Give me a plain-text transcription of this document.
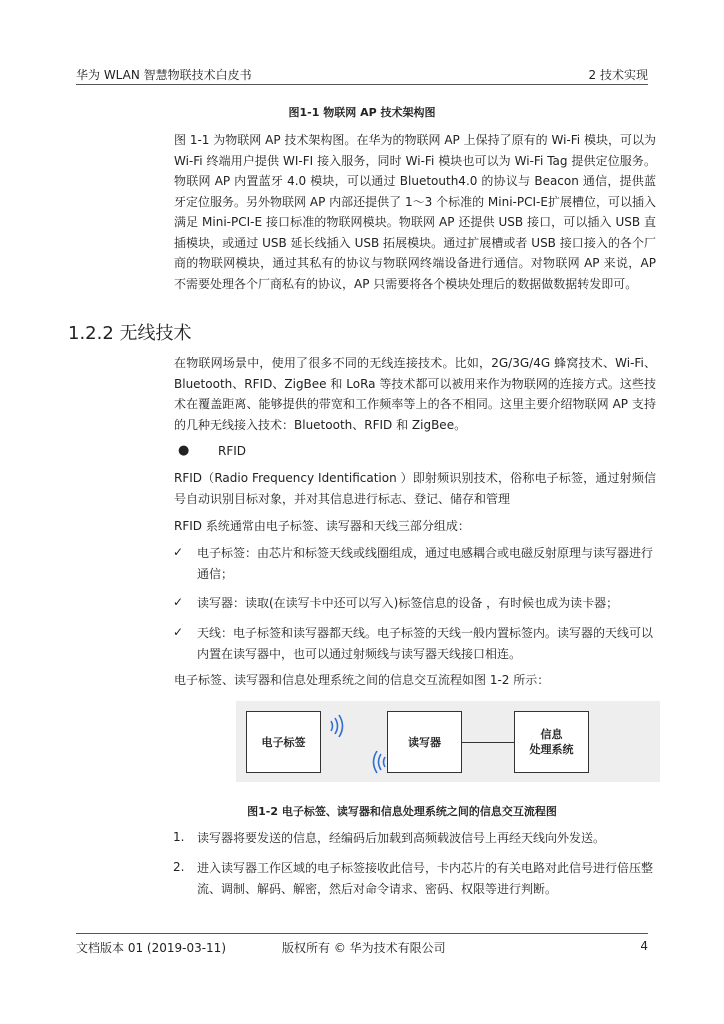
华为 WLAN 智慧物联技术白皮书	2 技术实现
图1-1 物联网 AP 技术架构图

图 1-1 为物联网 AP 技术架构图。在华为的物联网 AP 上保持了原有的 Wi-Fi 模块，可以为 Wi-Fi 终端用户提供 WI-FI 接入服务，同时 Wi-Fi 模块也可以为 Wi-Fi Tag 提供定位服务。物联网 AP 内置蓝牙 4.0 模块，可以通过 Bluetouth4.0 的协议与 Beacon 通信，提供蓝牙定位服务。另外物联网 AP 内部还提供了 1～3 个标准的 Mini-PCI-E扩展槽位，可以插入满足 Mini-PCI-E 接口标准的物联网模块。物联网 AP 还提供 USB 接口，可以插入 USB 直插模块，或通过 USB 延长线插入 USB 拓展模块。通过扩展槽或者 USB 接口接入的各个厂商的物联网模块，通过其私有的协议与物联网终端设备进行通信。对物联网 AP 来说，AP 不需要处理各个厂商私有的协议，AP 只需要将各个模块处理后的数据做数据转发即可。

1.2.2 无线技术

在物联网场景中，使用了很多不同的无线连接技术。比如，2G/3G/4G 蜂窝技术、Wi-Fi、Bluetooth、RFID、ZigBee 和 LoRa 等技术都可以被用来作为物联网的连接方式。这些技术在覆盖距离、能够提供的带宽和工作频率等上的各不相同。这里主要介绍物联网 AP 支持的几种无线接入技术：Bluetooth、RFID 和 ZigBee。

● RFID

RFID（Radio Frequency Identification ）即射频识别技术，俗称电子标签，通过射频信号自动识别目标对象，并对其信息进行标志、登记、储存和管理

RFID 系统通常由电子标签、读写器和天线三部分组成：

✓ 电子标签：由芯片和标签天线或线圈组成，通过电感耦合或电磁反射原理与读写器进行通信；

✓ 读写器：读取(在读写卡中还可以写入)标签信息的设备 ，有时候也成为读卡器；

✓ 天线：电子标签和读写器都天线。电子标签的天线一般内置标签内。读写器的天线可以内置在读写器中，也可以通过射频线与读写器天线接口相连。

电子标签、读写器和信息处理系统之间的信息交互流程如图 1-2 所示：

电子标签	读写器
信息
处理系统
图1-2 电子标签、读写器和信息处理系统之间的信息交互流程图
1. 读写器将要发送的信息，经编码后加载到高频载波信号上再经天线向外发送。

2. 进入读写器工作区域的电子标签接收此信号，卡内芯片的有关电路对此信号进行倍压整流、调制、解码、解密，然后对命令请求、密码、权限等进行判断。

文档版本 01 (2019-03-11)	版权所有 © 华为技术有限公司	4
